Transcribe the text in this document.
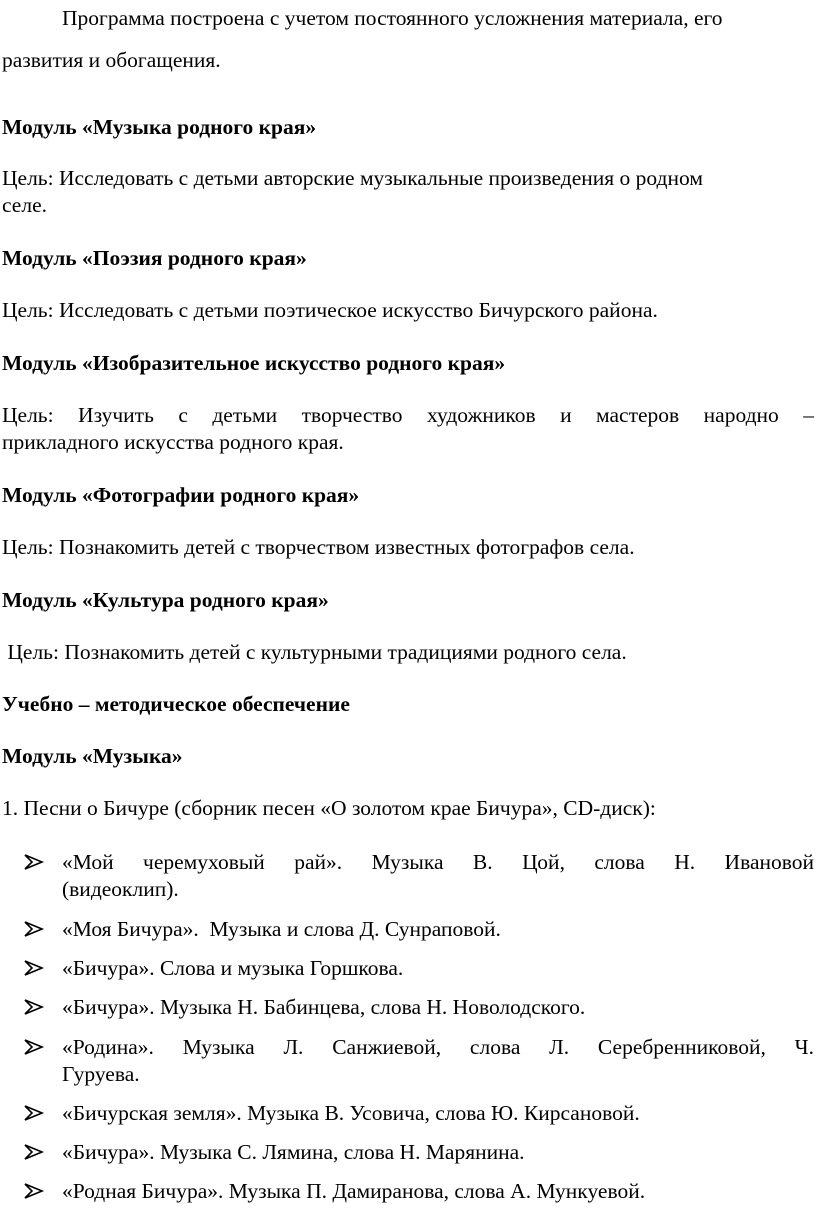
Программа построена с учетом постоянного усложнения материала, его
развития и обогащения.
Модуль «Музыка родного края»
Цель: Исследовать с детьми авторские музыкальные произведения о родном
селе.
Модуль «Поэзия родного края»
Цель: Исследовать с детьми поэтическое искусство Бичурского района.
Модуль «Изобразительное искусство родного края»
Цель: Изучить с детьми творчество художников и мастеров народно –
прикладного искусства родного края.
Модуль «Фотографии родного края»
Цель: Познакомить детей с творчеством известных фотографов села.
Модуль «Культура родного края»
Цель: Познакомить детей с культурными традициями родного села.
Учебно – методическое обеспечение
Модуль «Музыка»
1. Песни о Бичуре (сборник песен «О золотом крае Бичура», CD-диск):
«Мой черемуховый рай». Музыка В. Цой, слова Н. Ивановой
(видеоклип).
«Моя Бичура».  Музыка и слова Д. Сунраповой.
«Бичура». Слова и музыка Горшкова.
«Бичура». Музыка Н. Бабинцева, слова Н. Новолодского.
«Родина». Музыка Л. Санжиевой, слова Л. Серебренниковой, Ч.
Гуруева.
«Бичурская земля». Музыка В. Усовича, слова Ю. Кирсановой.
«Бичура». Музыка С. Лямина, слова Н. Марянина.
«Родная Бичура». Музыка П. Дамиранова, слова А. Мункуевой.
